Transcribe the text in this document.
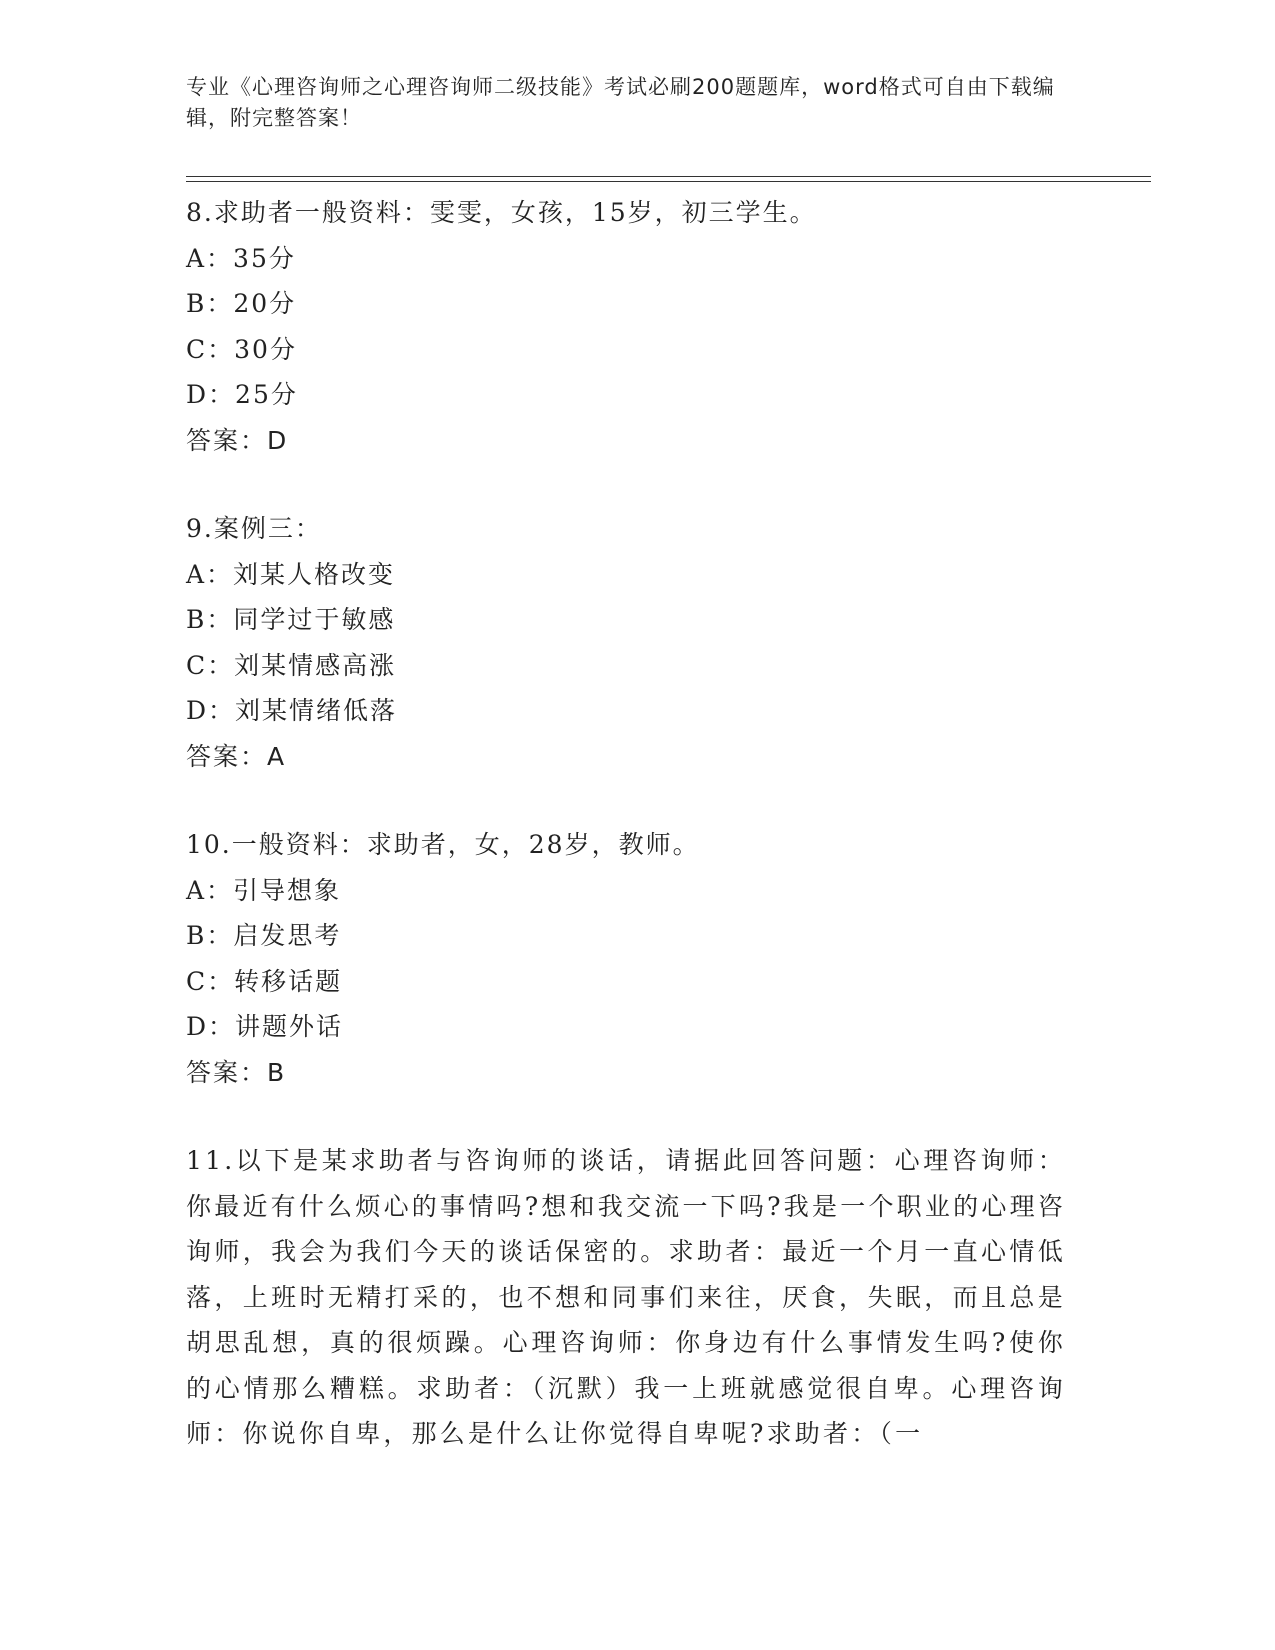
专业《心理咨询师之心理咨询师二级技能》考试必刷200题题库，word格式可自由下载编辑，附完整答案！
8.求助者一般资料：雯雯，女孩，15岁，初三学生。
A：35分
B：20分
C：30分
D：25分
答案：D
9.案例三：
A：刘某人格改变
B：同学过于敏感
C：刘某情感高涨
D：刘某情绪低落
答案：A
10.一般资料：求助者，女，28岁，教师。
A：引导想象
B：启发思考
C：转移话题
D：讲题外话
答案：B
11.以下是某求助者与咨询师的谈话，请据此回答问题：心理咨询师：你最近有什么烦心的事情吗?想和我交流一下吗?我是一个职业的心理咨询师，我会为我们今天的谈话保密的。求助者：最近一个月一直心情低落，上班时无精打采的，也不想和同事们来往，厌食，失眠，而且总是胡思乱想，真的很烦躁。心理咨询师：你身边有什么事情发生吗?使你的心情那么糟糕。求助者：（沉默）我一上班就感觉很自卑。心理咨询师：你说你自卑，那么是什么让你觉得自卑呢?求助者：（一
